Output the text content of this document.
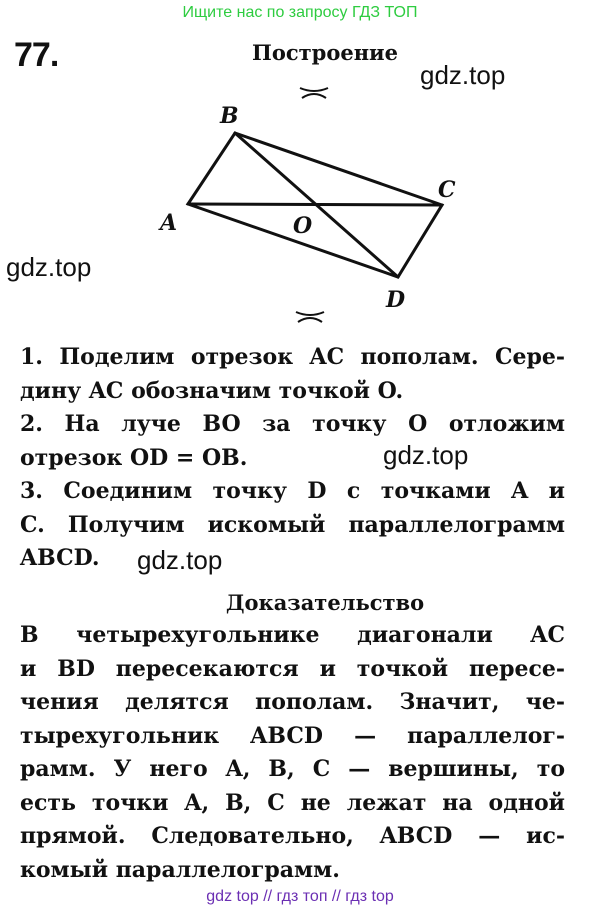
Ищите нас по запросу ГДЗ ТОП
77.	Построение
gdz.top
gdz.top
gdz.top
gdz.top
B
C
A	O
D

1. Поделим отрезок AC пополам. Сере-

дину AC обозначим точкой O.

2. На луче BO за точку O отложим

отрезок OD = OB.

3. Соединим точку D с точками A и

C. Получим искомый параллелограмм

ABCD.

Доказательство

В четырехугольнике диагонали AC

и BD пересекаются и точкой пересе-

чения делятся пополам. Значит, че-

тырехугольник ABCD — параллелог-

рамм. У него A, B, C — вершины, то

есть точки A, B, C не лежат на одной

прямой. Следовательно, ABCD — ис-

комый параллелограмм.

gdz top // гдз топ // гдз top
